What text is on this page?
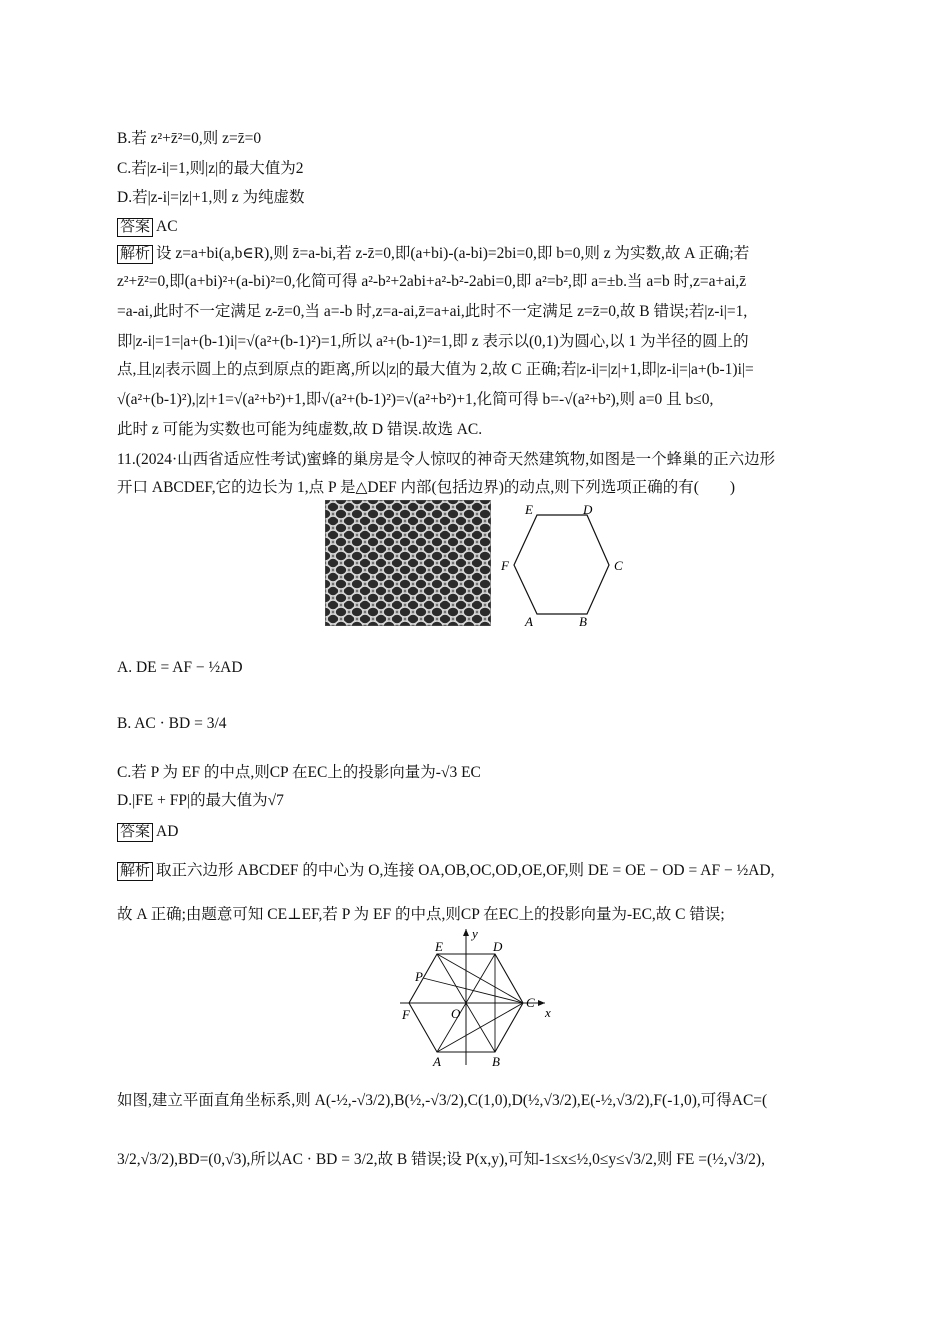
B.若 z²+z̄²=0,则 z=z̄=0
C.若|z-i|=1,则|z|的最大值为2
D.若|z-i|=|z|+1,则 z 为纯虚数
答案 AC
解析 设 z=a+bi(a,b∈R),则 z̄=a-bi,若 z-z̄=0,即(a+bi)-(a-bi)=2bi=0,即 b=0,则 z 为实数,故 A 正确;若
z²+z̄²=0,即(a+bi)²+(a-bi)²=0,化简可得 a²-b²+2abi+a²-b²-2abi=0,即 a²=b²,即 a=±b.当 a=b 时,z=a+ai,z̄
=a-ai,此时不一定满足 z-z̄=0,当 a=-b 时,z=a-ai,z̄=a+ai,此时不一定满足 z=z̄=0,故 B 错误;若|z-i|=1,
即|z-i|=1=|a+(b-1)i|=√(a²+(b-1)²)=1,所以 a²+(b-1)²=1,即 z 表示以(0,1)为圆心,以 1 为半径的圆上的
点,且|z|表示圆上的点到原点的距离,所以|z|的最大值为 2,故 C 正确;若|z-i|=|z|+1,即|z-i|=|a+(b-1)i|=
√(a²+(b-1)²),|z|+1=√(a²+b²)+1,即√(a²+(b-1)²)=√(a²+b²)+1,化简可得 b=-√(a²+b²),则 a=0 且 b≤0,
此时 z 可能为实数也可能为纯虚数,故 D 错误.故选 AC.
11.(2024·山西省适应性考试)蜜蜂的巢房是令人惊叹的神奇天然建筑物,如图是一个蜂巢的正六边形
开口 ABCDEF,它的边长为 1,点 P 是△DEF 内部(包括边界)的动点,则下列选项正确的有(　　)
E	D
C
B
A
F
A. DE = AF − ½AD
B. AC · BD = 3/4
C.若 P 为 EF 的中点,则CP 在EC上的投影向量为-√3 EC
D.|FE + FP|的最大值为√7
答案 AD
解析 取正六边形 ABCDEF 的中心为 O,连接 OA,OB,OC,OD,OE,OF,则 DE = OE − OD = AF − ½AD,
故 A 正确;由题意可知 CE⊥EF,若 P 为 EF 的中点,则CP 在EC上的投影向量为-EC,故 C 错误;
E	D
C
B
A
F	O
P
x
y
如图,建立平面直角坐标系,则 A(-½,-√3/2),B(½,-√3/2),C(1,0),D(½,√3/2),E(-½,√3/2),F(-1,0),可得AC=(
3/2,√3/2),BD=(0,√3),所以AC · BD = 3/2,故 B 错误;设 P(x,y),可知-1≤x≤½,0≤y≤√3/2,则 FE =(½,√3/2),
